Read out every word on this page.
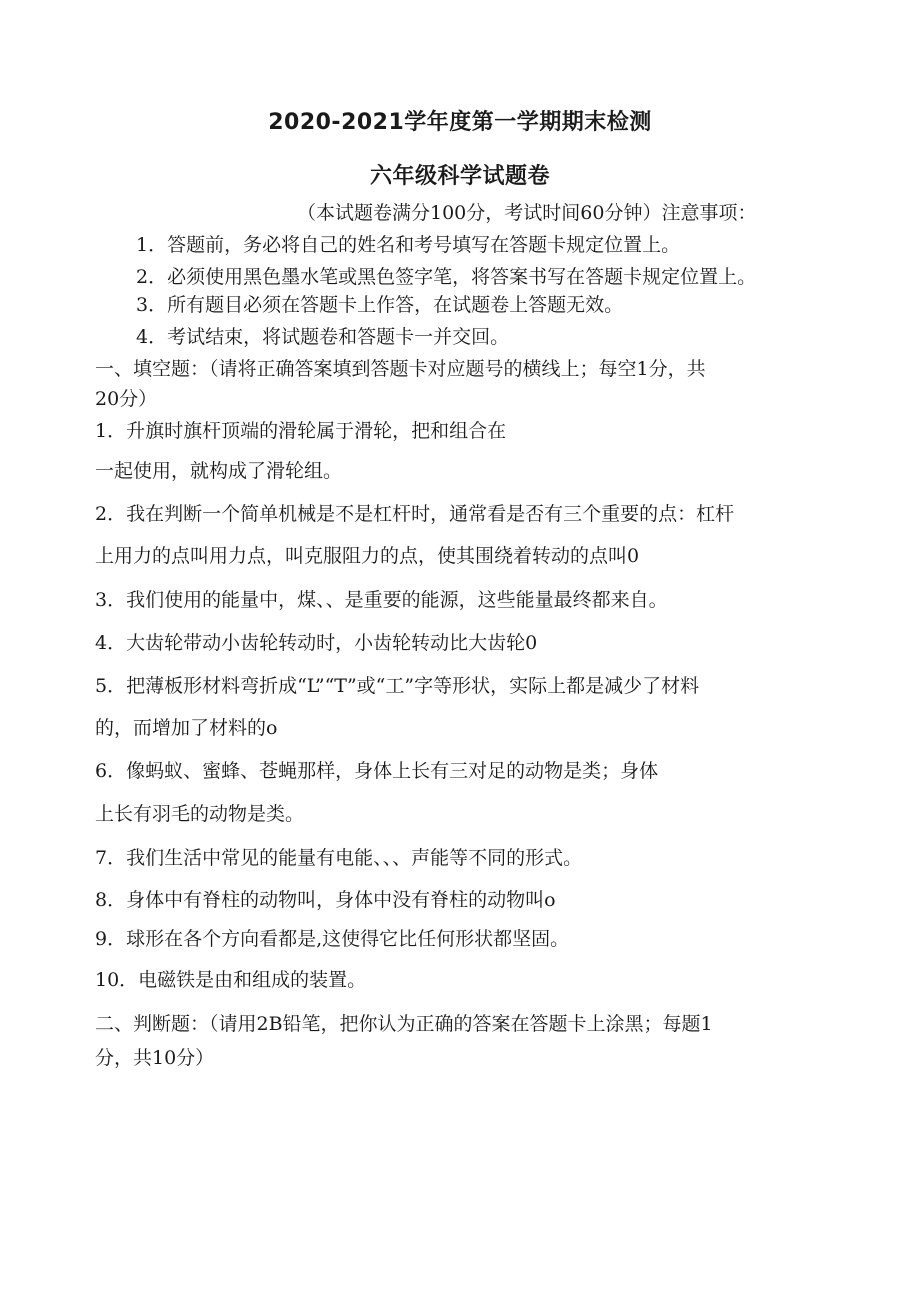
2020-2021学年度第一学期期末检测
六年级科学试题卷
（本试题卷满分100分，考试时间60分钟）注意事项：
1．答题前，务必将自己的姓名和考号填写在答题卡规定位置上。
2．必须使用黑色墨水笔或黑色签字笔，将答案书写在答题卡规定位置上。
3．所有题目必须在答题卡上作答，在试题卷上答题无效。
4．考试结束，将试题卷和答题卡一并交回。
一、填空题：（请将正确答案填到答题卡对应题号的横线上；每空1分，共
20分）
1．升旗时旗杆顶端的滑轮属于滑轮，把和组合在
一起使用，就构成了滑轮组。
2．我在判断一个简单机械是不是杠杆时，通常看是否有三个重要的点：杠杆
上用力的点叫用力点，叫克服阻力的点，使其围绕着转动的点叫0
3．我们使用的能量中，煤、、是重要的能源，这些能量最终都来自。
4．大齿轮带动小齿轮转动时，小齿轮转动比大齿轮0
5．把薄板形材料弯折成“L”“T”或“工”字等形状，实际上都是减少了材料
的，而增加了材料的o
6．像蚂蚁、蜜蜂、苍蝇那样，身体上长有三对足的动物是类；身体
上长有羽毛的动物是类。
7．我们生活中常见的能量有电能、、、声能等不同的形式。
8．身体中有脊柱的动物叫，身体中没有脊柱的动物叫o
9．球形在各个方向看都是,这使得它比任何形状都坚固。
10．电磁铁是由和组成的装置。
二、判断题：（请用2B铅笔，把你认为正确的答案在答题卡上涂黑；每题1
分，共10分）
